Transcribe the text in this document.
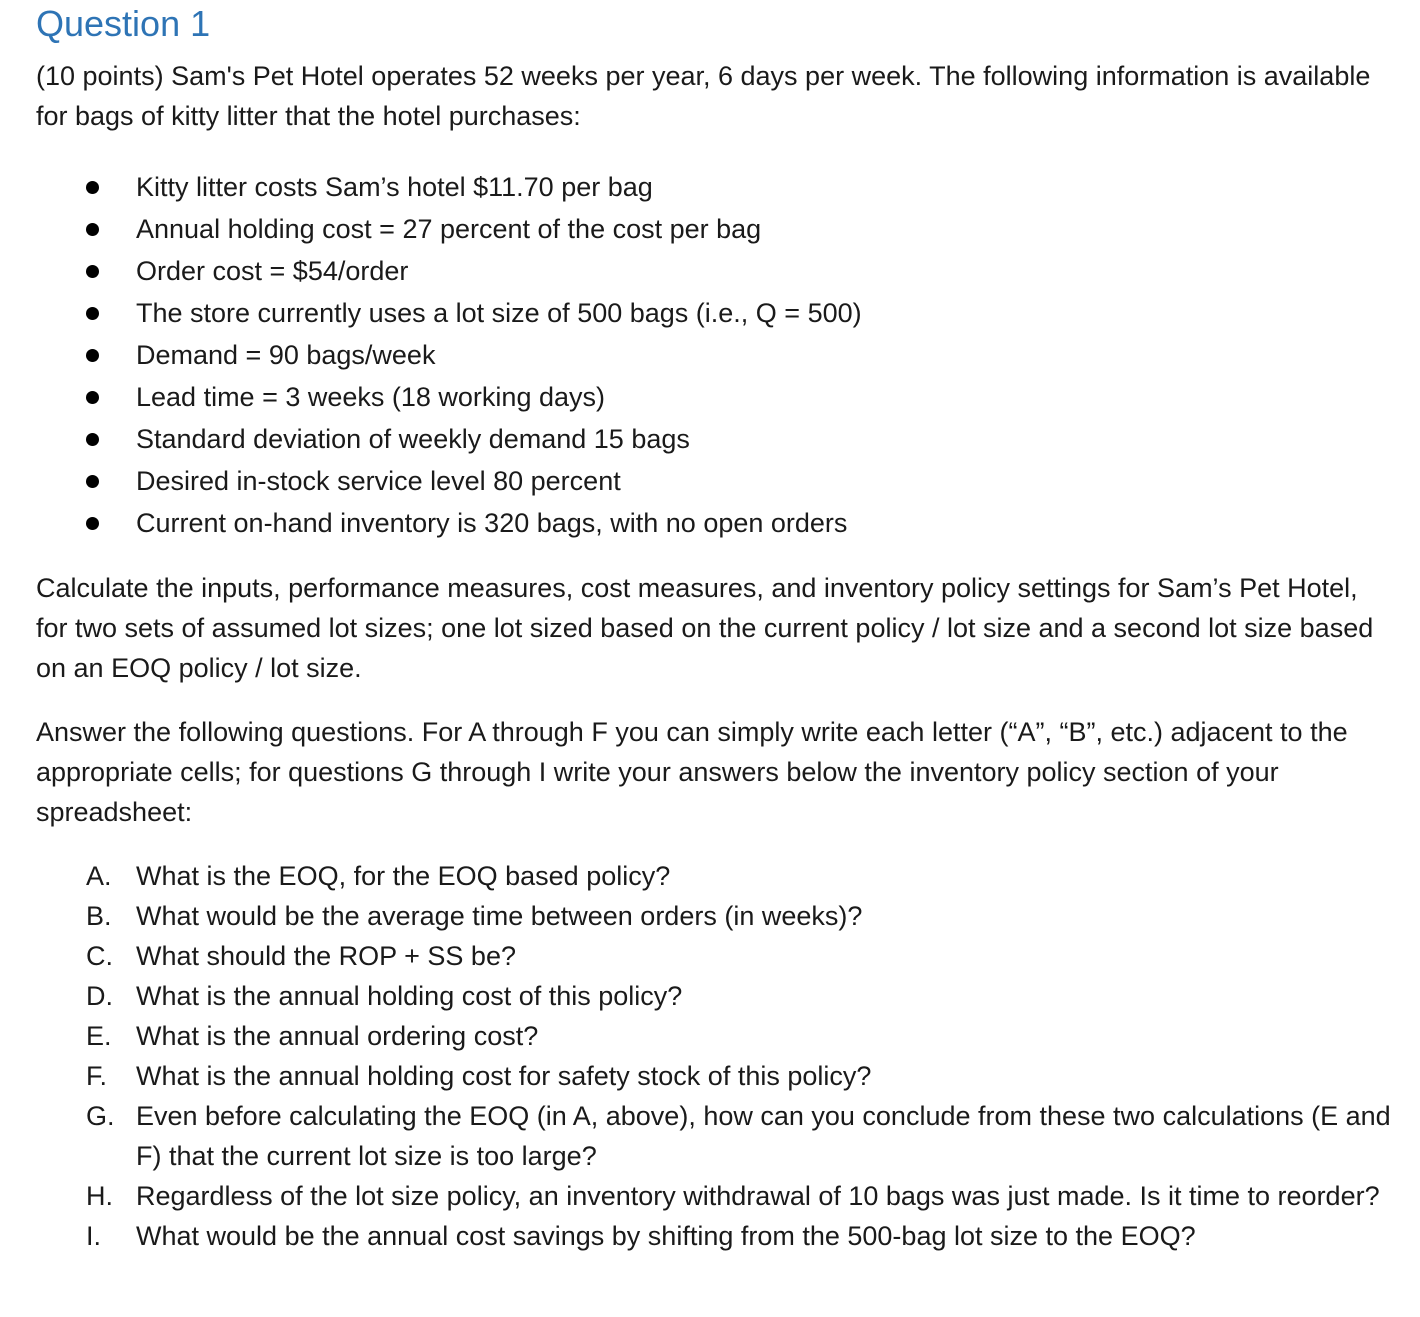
Question 1

(10 points) Sam's Pet Hotel operates 52 weeks per year, 6 days per week. The following information is available for bags of kitty litter that the hotel purchases:

Kitty litter costs Sam’s hotel $11.70 per bag
Annual holding cost = 27 percent of the cost per bag
Order cost = $54/order
The store currently uses a lot size of 500 bags (i.e., Q = 500)
Demand = 90 bags/week
Lead time = 3 weeks (18 working days)
Standard deviation of weekly demand 15 bags
Desired in-stock service level 80 percent
Current on-hand inventory is 320 bags, with no open orders

Calculate the inputs, performance measures, cost measures, and inventory policy settings for Sam’s Pet Hotel, for two sets of assumed lot sizes; one lot sized based on the current policy / lot size and a second lot size based on an EOQ policy / lot size.

Answer the following questions. For A through F you can simply write each letter (“A”, “B”, etc.) adjacent to the appropriate cells; for questions G through I write your answers below the inventory policy section of your spreadsheet:

A. What is the EOQ, for the EOQ based policy?
B. What would be the average time between orders (in weeks)?
C. What should the ROP + SS be?
D. What is the annual holding cost of this policy?
E. What is the annual ordering cost?
F. What is the annual holding cost for safety stock of this policy?
G. Even before calculating the EOQ (in A, above), how can you conclude from these two calculations (E and F) that the current lot size is too large?
H. Regardless of the lot size policy, an inventory withdrawal of 10 bags was just made. Is it time to reorder?
I. What would be the annual cost savings by shifting from the 500-bag lot size to the EOQ?
